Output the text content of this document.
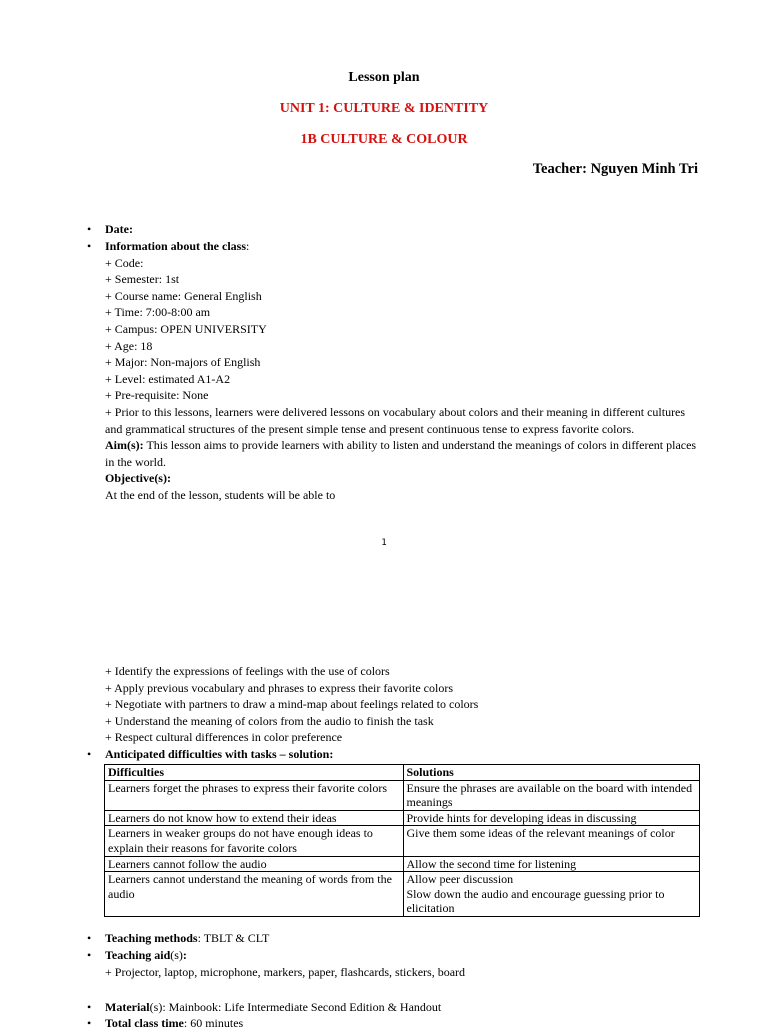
Lesson plan
UNIT 1: CULTURE & IDENTITY
1B CULTURE & COLOUR
Teacher: Nguyen Minh Tri
• Date:
• Information about the class:
+ Code:
+ Semester: 1st
+ Course name: General English
+ Time: 7:00-8:00 am
+ Campus: OPEN UNIVERSITY
+ Age: 18
+ Major: Non-majors of English
+ Level: estimated A1-A2
+ Pre-requisite: None
+ Prior to this lessons, learners were delivered lessons on vocabulary about colors and their meaning in different cultures and grammatical structures of the present simple tense and present continuous tense to express favorite colors.
Aim(s): This lesson aims to provide learners with ability to listen and understand the meanings of colors in different places in the world.
Objective(s):
At the end of the lesson, students will be able to
1
+ Identify the expressions of feelings with the use of colors
+ Apply previous vocabulary and phrases to express their favorite colors
+ Negotiate with partners to draw a mind-map about feelings related to colors
+ Understand the meaning of colors from the audio to finish the task
+ Respect cultural differences in color preference
• Anticipated difficulties with tasks – solution:
Difficulties	Solutions
Learners forget the phrases to express their favorite colors	Ensure the phrases are available on the board with intended meanings
Learners do not know how to extend their ideas	Provide hints for developing ideas in discussing
Learners in weaker groups do not have enough ideas to explain their reasons for favorite colors	Give them some ideas of the relevant meanings of color
Learners cannot follow the audio	Allow the second time for listening
Learners cannot understand the meaning of words from the audio	Allow peer discussion
Slow down the audio and encourage guessing prior to elicitation
• Teaching methods: TBLT & CLT
• Teaching aid(s):
+ Projector, laptop, microphone, markers, paper, flashcards, stickers, board
• Material(s): Mainbook: Life Intermediate Second Edition & Handout
• Total class time: 60 minutes
